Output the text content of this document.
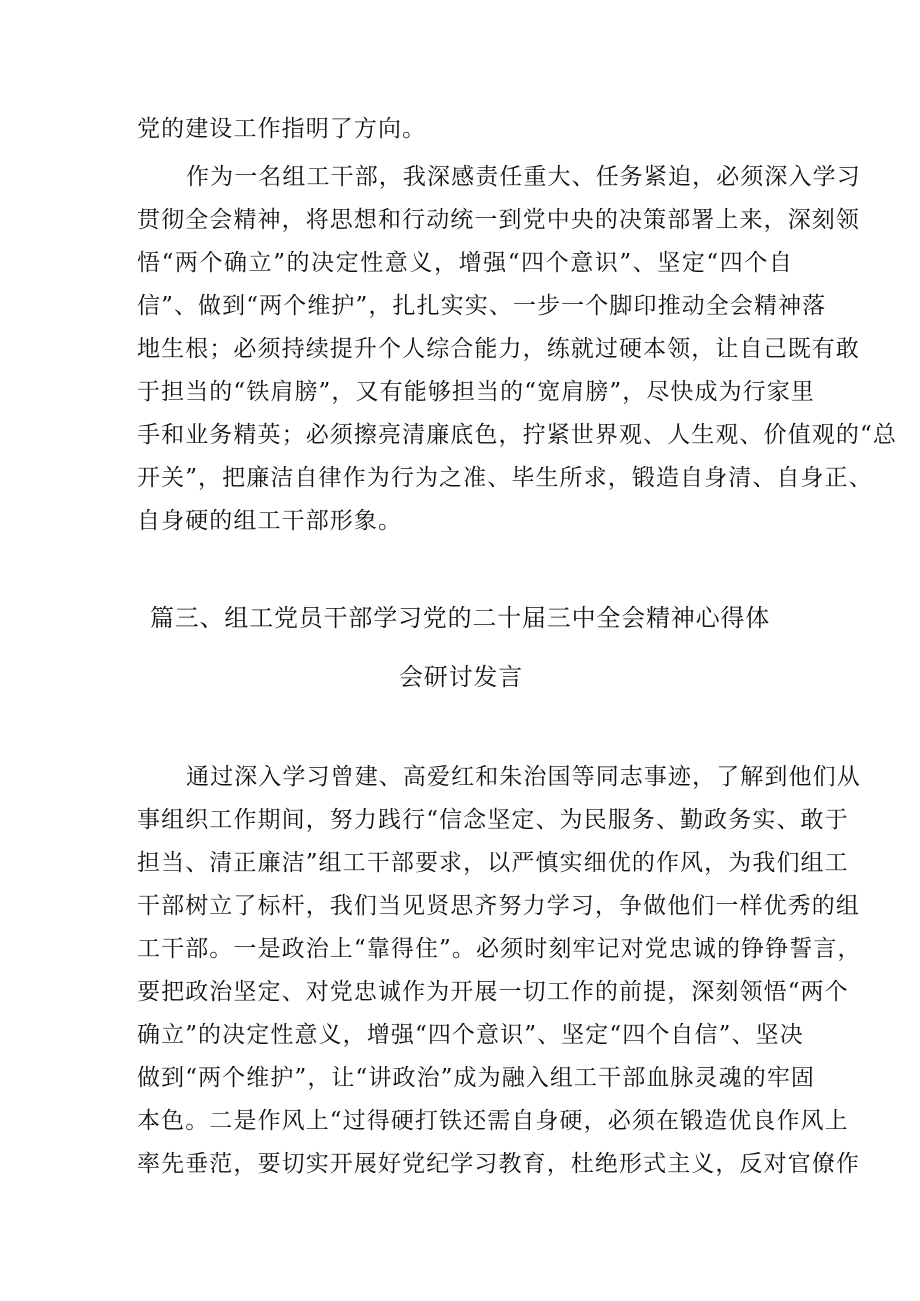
党的建设工作指明了方向。
作为一名组工干部，我深感责任重大、任务紧迫，必须深入学习
贯彻全会精神，将思想和行动统一到党中央的决策部署上来，深刻领
悟“两个确立”的决定性意义，增强“四个意识”、坚定“四个自
信”、做到“两个维护”，扎扎实实、一步一个脚印推动全会精神落
地生根；必须持续提升个人综合能力，练就过硬本领，让自己既有敢
于担当的“铁肩膀”，又有能够担当的“宽肩膀”，尽快成为行家里
手和业务精英；必须擦亮清廉底色，拧紧世界观、人生观、价值观的“总
开关”，把廉洁自律作为行为之准、毕生所求，锻造自身清、自身正、
自身硬的组工干部形象。
篇三、组工党员干部学习党的二十届三中全会精神心得体
会研讨发言
通过深入学习曾建、高爱红和朱治国等同志事迹，了解到他们从
事组织工作期间，努力践行“信念坚定、为民服务、勤政务实、敢于
担当、清正廉洁”组工干部要求，以严慎实细优的作风，为我们组工
干部树立了标杆，我们当见贤思齐努力学习，争做他们一样优秀的组
工干部。一是政治上“靠得住”。必须时刻牢记对党忠诚的铮铮誓言，
要把政治坚定、对党忠诚作为开展一切工作的前提，深刻领悟“两个
确立”的决定性意义，增强“四个意识”、坚定“四个自信”、坚决
做到“两个维护”，让“讲政治”成为融入组工干部血脉灵魂的牢固
本色。二是作风上“过得硬打铁还需自身硬，必须在锻造优良作风上
率先垂范，要切实开展好党纪学习教育，杜绝形式主义，反对官僚作
